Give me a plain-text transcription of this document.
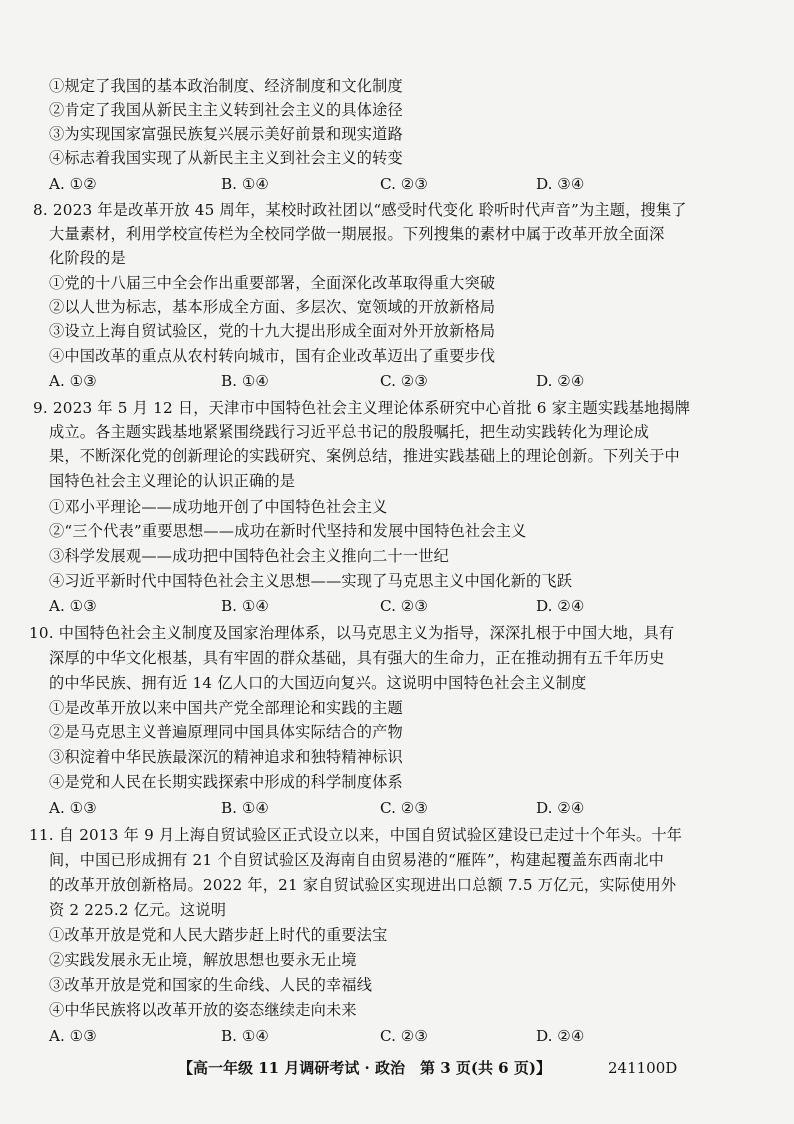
①规定了我国的基本政治制度、经济制度和文化制度
②肯定了我国从新民主主义转到社会主义的具体途径
③为实现国家富强民族复兴展示美好前景和现实道路
④标志着我国实现了从新民主主义到社会主义的转变
A. ①②	B. ①④	C. ②③	D. ③④
8. 2023 年是改革开放 45 周年，某校时政社团以“感受时代变化 聆听时代声音”为主题，搜集了
大量素材，利用学校宣传栏为全校同学做一期展报。下列搜集的素材中属于改革开放全面深
化阶段的是
①党的十八届三中全会作出重要部署，全面深化改革取得重大突破
②以人世为标志，基本形成全方面、多层次、宽领域的开放新格局
③设立上海自贸试验区，党的十九大提出形成全面对外开放新格局
④中国改革的重点从农村转向城市，国有企业改革迈出了重要步伐
A. ①③	B. ①④	C. ②③	D. ②④
9. 2023 年 5 月 12 日，天津市中国特色社会主义理论体系研究中心首批 6 家主题实践基地揭牌
成立。各主题实践基地紧紧围绕践行习近平总书记的殷殷嘱托，把生动实践转化为理论成
果，不断深化党的创新理论的实践研究、案例总结，推进实践基础上的理论创新。下列关于中
国特色社会主义理论的认识正确的是
①邓小平理论——成功地开创了中国特色社会主义
②“三个代表”重要思想——成功在新时代坚持和发展中国特色社会主义
③科学发展观——成功把中国特色社会主义推向二十一世纪
④习近平新时代中国特色社会主义思想——实现了马克思主义中国化新的飞跃
A. ①③	B. ①④	C. ②③	D. ②④
10. 中国特色社会主义制度及国家治理体系，以马克思主义为指导，深深扎根于中国大地，具有
深厚的中华文化根基，具有牢固的群众基础，具有强大的生命力，正在推动拥有五千年历史
的中华民族、拥有近 14 亿人口的大国迈向复兴。这说明中国特色社会主义制度
①是改革开放以来中国共产党全部理论和实践的主题
②是马克思主义普遍原理同中国具体实际结合的产物
③积淀着中华民族最深沉的精神追求和独特精神标识
④是党和人民在长期实践探索中形成的科学制度体系
A. ①③	B. ①④	C. ②③	D. ②④
11. 自 2013 年 9 月上海自贸试验区正式设立以来，中国自贸试验区建设已走过十个年头。十年
间，中国已形成拥有 21 个自贸试验区及海南自由贸易港的“雁阵”，构建起覆盖东西南北中
的改革开放创新格局。2022 年，21 家自贸试验区实现进出口总额 7.5 万亿元，实际使用外
资 2 225.2 亿元。这说明
①改革开放是党和人民大踏步赶上时代的重要法宝
②实践发展永无止境，解放思想也要永无止境
③改革开放是党和国家的生命线、人民的幸福线
④中华民族将以改革开放的姿态继续走向未来
A. ①③	B. ①④	C. ②③	D. ②④
【高一年级 11 月调研考试 · 政治　第 3 页(共 6 页)】	241100D
